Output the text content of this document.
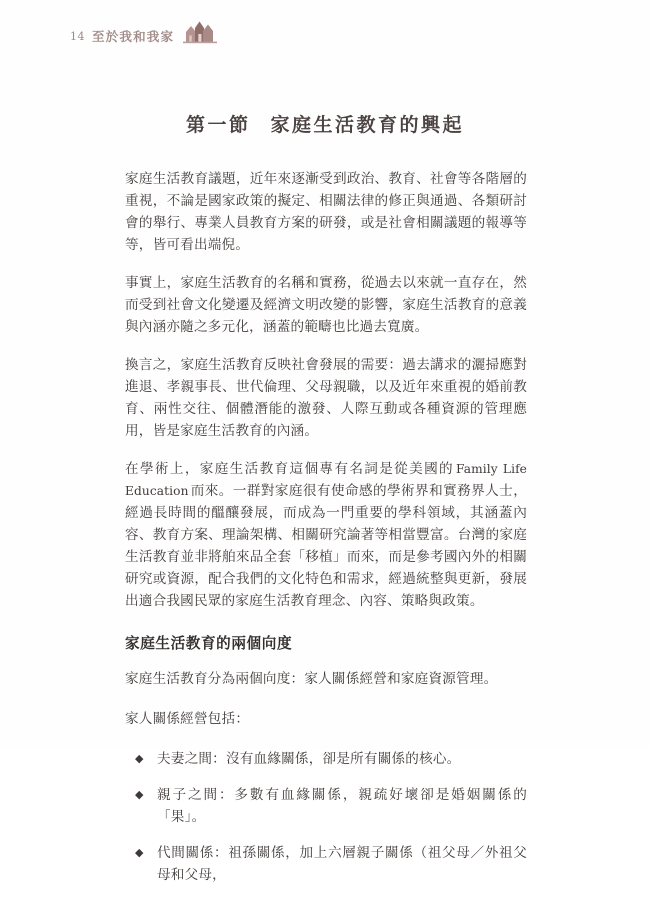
14 至於我和我家
第一節 家庭生活教育的興起

家庭生活教育議題，近年來逐漸受到政治、教育、社會等各階層的重視，不論是國家政策的擬定、相關法律的修正與通過、各類研討會的舉行、專業人員教育方案的研發，或是社會相關議題的報導等等，皆可看出端倪。

事實上，家庭生活教育的名稱和實務，從過去以來就一直存在，然而受到社會文化變遷及經濟文明改變的影響，家庭生活教育的意義與內涵亦隨之多元化，涵蓋的範疇也比過去寬廣。

換言之，家庭生活教育反映社會發展的需要：過去講求的灑掃應對進退、孝親事長、世代倫理、父母親職，以及近年來重視的婚前教育、兩性交往、個體潛能的激發、人際互動或各種資源的管理應用，皆是家庭生活教育的內涵。

在學術上，家庭生活教育這個專有名詞是從美國的 Family Life Education 而來。一群對家庭很有使命感的學術界和實務界人士，經過長時間的醞釀發展，而成為一門重要的學科領域，其涵蓋內容、教育方案、理論架構、相關研究論著等相當豐富。台灣的家庭生活教育並非將舶來品全套「移植」而來，而是參考國內外的相關研究或資源，配合我們的文化特色和需求，經過統整與更新，發展出適合我國民眾的家庭生活教育理念、內容、策略與政策。

家庭生活教育的兩個向度

家庭生活教育分為兩個向度：家人關係經營和家庭資源管理。

家人關係經營包括：

◆ 夫妻之間：沒有血緣關係，卻是所有關係的核心。
◆ 親子之間：多數有血緣關係，親疏好壞卻是婚姻關係的「果」。
◆ 代間關係：祖孫關係，加上六層親子關係（祖父母／外祖父母和父母，
